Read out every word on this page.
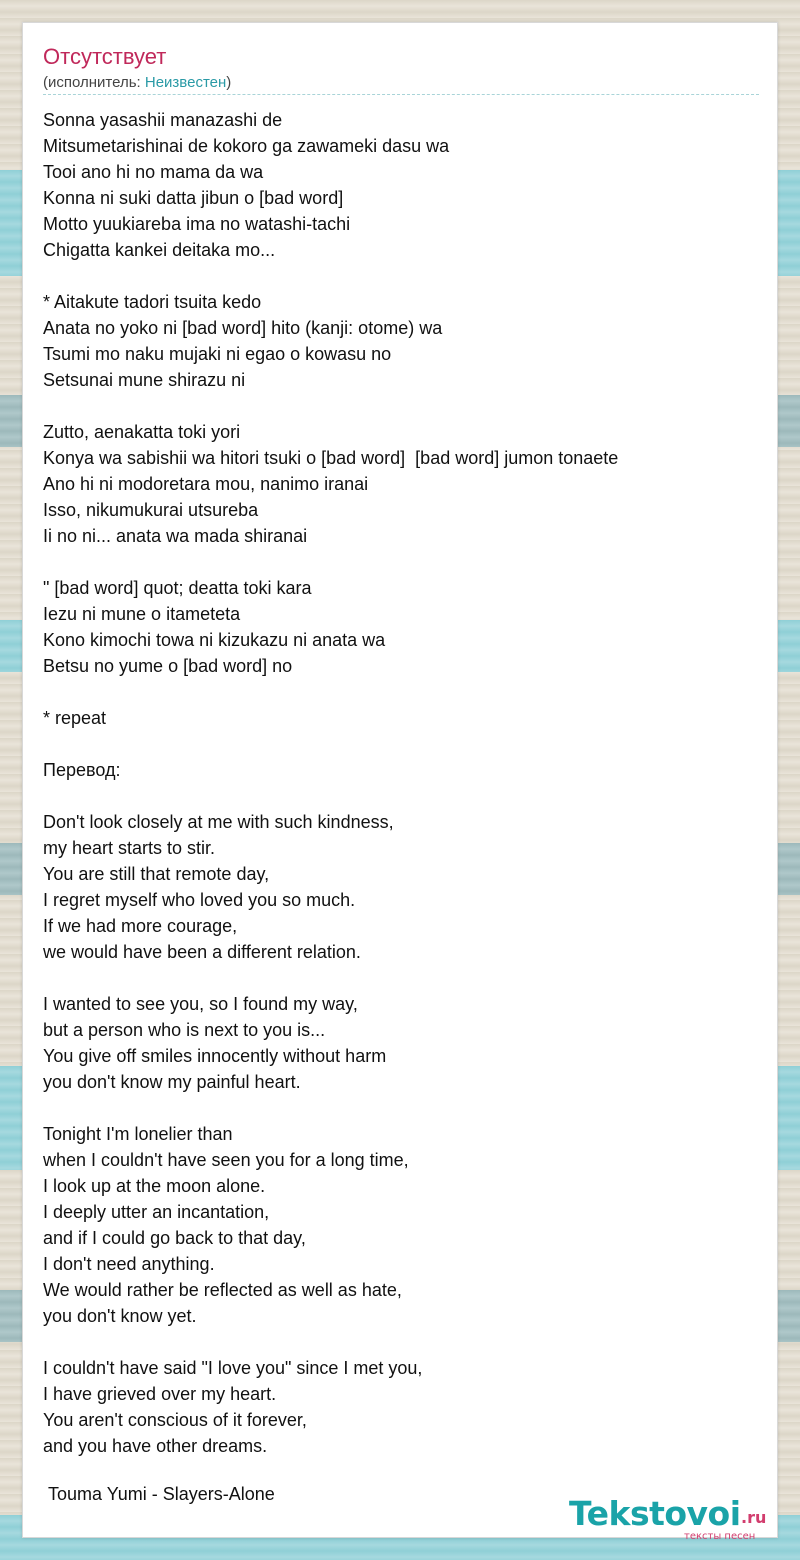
Отсутствует
(исполнитель: Неизвестен)
Sonna yasashii manazashi de
Mitsumetarishinai de kokoro ga zawameki dasu wa
Tooi ano hi no mama da wa
Konna ni suki datta jibun o [bad word]
Motto yuukiareba ima no watashi-tachi
Chigatta kankei deitaka mo...
* Aitakute tadori tsuita kedo
Anata no yoko ni [bad word] hito (kanji: otome) wa
Tsumi mo naku mujaki ni egao o kowasu no
Setsunai mune shirazu ni
Zutto, aenakatta toki yori
Konya wa sabishii wa hitori tsuki o [bad word]  [bad word] jumon tonaete
Ano hi ni modoretara mou, nanimo iranai
Isso, nikumukurai utsureba
Ii no ni... anata wa mada shiranai
" [bad word] quot; deatta toki kara
Iezu ni mune o itameteta
Kono kimochi towa ni kizukazu ni anata wa
Betsu no yume o [bad word] no
* repeat
Перевод:
Don't look closely at me with such kindness,
my heart starts to stir.
You are still that remote day,
I regret myself who loved you so much.
If we had more courage,
we would have been a different relation.
I wanted to see you, so I found my way,
but a person who is next to you is...
You give off smiles innocently without harm
you don't know my painful heart.
Tonight I'm lonelier than
when I couldn't have seen you for a long time,
I look up at the moon alone.
I deeply utter an incantation,
and if I could go back to that day,
I don't need anything.
We would rather be reflected as well as hate,
you don't know yet.
I couldn't have said "I love you" since I met you,
I have grieved over my heart.
You aren't conscious of it forever,
and you have other dreams.
Touma Yumi - Slayers-Alone	Tekstovoi .ru
тексты песен
